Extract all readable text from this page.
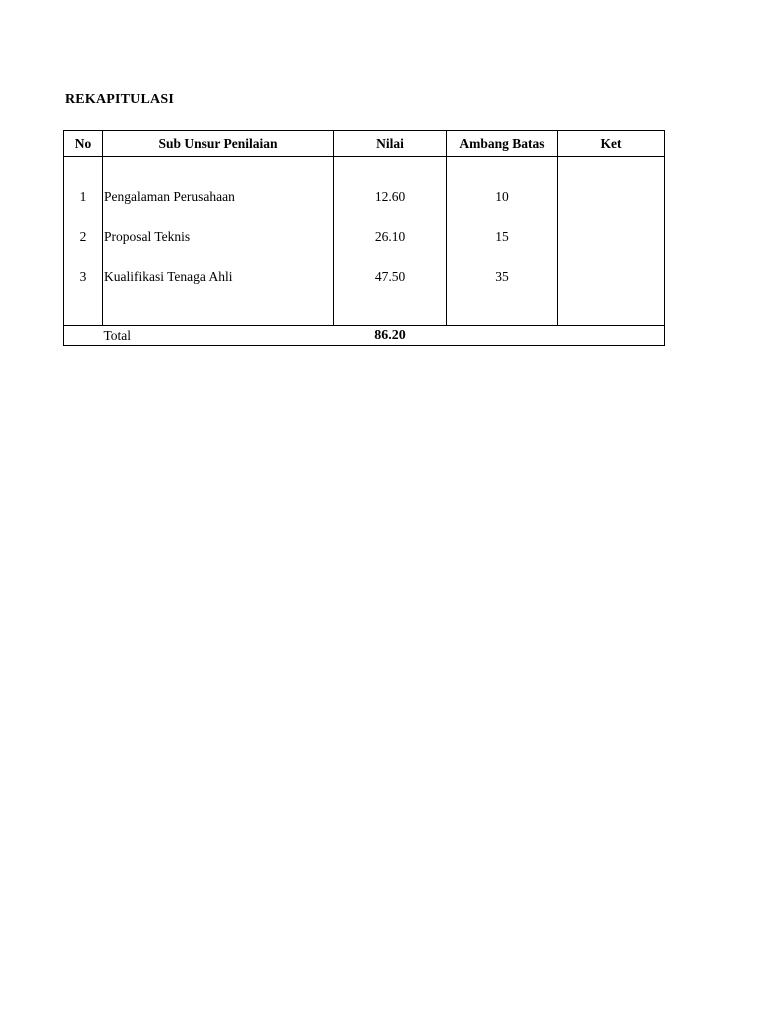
REKAPITULASI
No	Sub Unsur Penilaian	Nilai	Ambang Batas	Ket

1	Pengalaman Perusahaan	12.60	10	
2	Proposal Teknis	26.10	15	
3	Kualifikasi Tenaga Ahli	47.50	35	

	Total	86.20		
